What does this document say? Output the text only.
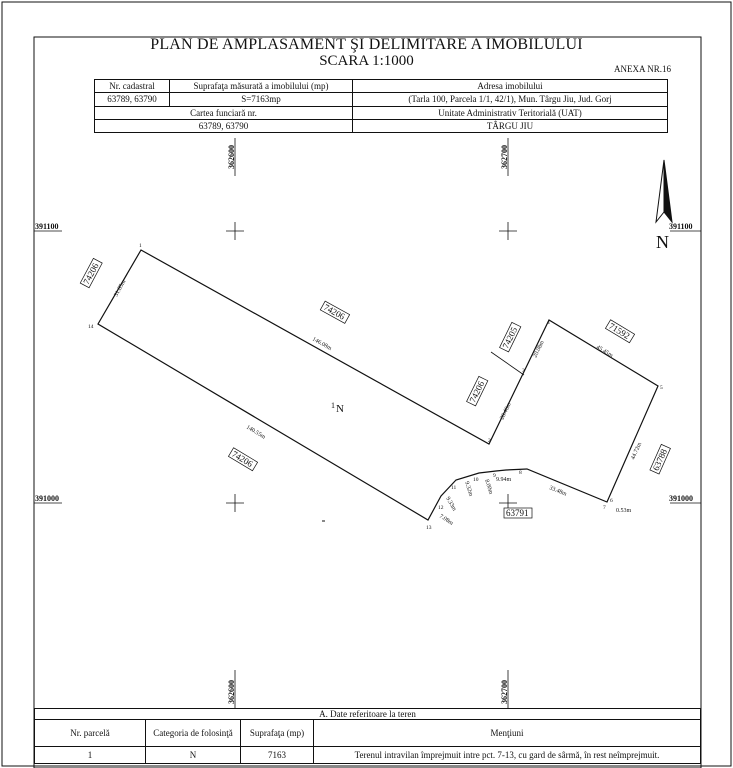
362600	362700
362600	362700
391100	391100
391000	391000
N
1
2
3
4
5
6
7
8
9
10
11
12
13
14
31.85m
146.08m
28.46m
20.08m	45.45m
44.72m
0.53m
33.48m
9.94m
8.00m
9.32m
9.33m
7.08m
140.55m
74206
74206
74206
74206
74205	71592
63788
63791
1 N
PLAN DE AMPLASAMENT ŞI DELIMITARE A IMOBILULUI
SCARA 1:1000	ANEXA NR.16
Nr. cadastral	Suprafaţa măsurată a imobilului (mp)	Adresa imobilului
63789, 63790	S=7163mp	(Tarla 100, Parcela 1/1, 42/1), Mun. Târgu Jiu, Jud. Gorj
Cartea funciară nr.		Unitate Administrativ Teritorială (UAT)
63789, 63790		TÂRGU JIU
A. Date referitoare la teren			
Nr. parcelă	Categoria de folosinţă	Suprafaţa (mp)	Menţiuni
1	N	7163	Terenul intravilan împrejmuit intre pct. 7-13, cu gard de sârmă, în rest neîmprejmuit.
